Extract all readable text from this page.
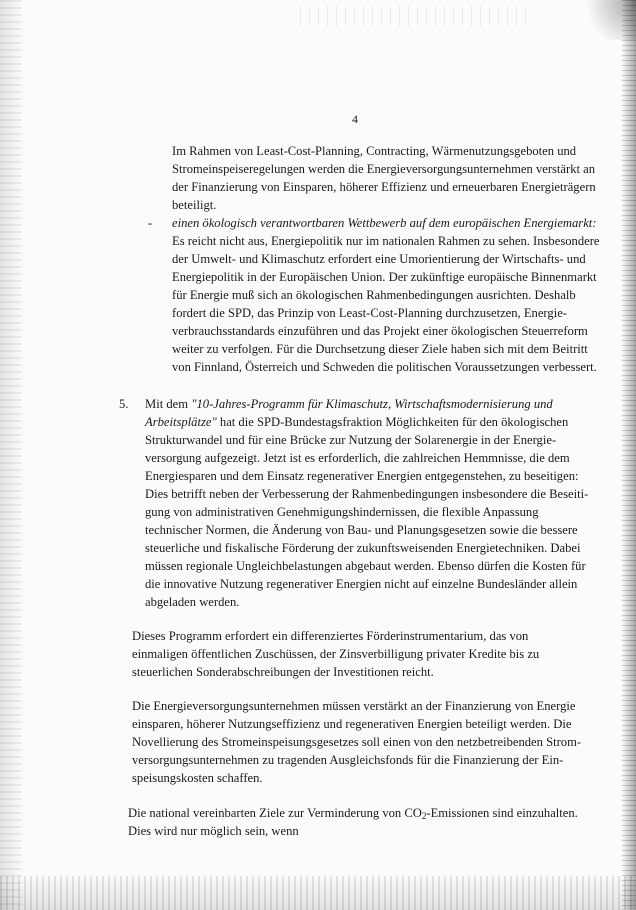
4
Im Rahmen von Least-Cost-Planning, Contracting, Wärmenutzungsgeboten und
Stromeinspeiseregelungen werden die Energieversorgungsunternehmen verstärkt an
der Finanzierung von Einsparen, höherer Effizienz und erneuerbaren Energieträgern
beteiligt.
- einen ökologisch verantwortbaren Wettbewerb auf dem europäischen Energiemarkt:
Es reicht nicht aus, Energiepolitik nur im nationalen Rahmen zu sehen. Insbesondere
der Umwelt- und Klimaschutz erfordert eine Umorientierung der Wirtschafts- und
Energiepolitik in der Europäischen Union. Der zukünftige europäische Binnenmarkt
für Energie muß sich an ökologischen Rahmenbedingungen ausrichten. Deshalb
fordert die SPD, das Prinzip von Least-Cost-Planning durchzusetzen, Energie-
verbrauchsstandards einzuführen und das Projekt einer ökologischen Steuerreform
weiter zu verfolgen. Für die Durchsetzung dieser Ziele haben sich mit dem Beitritt
von Finnland, Österreich und Schweden die politischen Voraussetzungen verbessert.
5. Mit dem "10-Jahres-Programm für Klimaschutz, Wirtschaftsmodernisierung und
Arbeitsplätze" hat die SPD-Bundestagsfraktion Möglichkeiten für den ökologischen
Strukturwandel und für eine Brücke zur Nutzung der Solarenergie in der Energie-
versorgung aufgezeigt. Jetzt ist es erforderlich, die zahlreichen Hemmnisse, die dem
Energiesparen und dem Einsatz regenerativer Energien entgegenstehen, zu beseitigen:
Dies betrifft neben der Verbesserung der Rahmenbedingungen insbesondere die Beseiti-
gung von administrativen Genehmigungshindernissen, die flexible Anpassung
technischer Normen, die Änderung von Bau- und Planungsgesetzen sowie die bessere
steuerliche und fiskalische Förderung der zukunftsweisenden Energietechniken. Dabei
müssen regionale Ungleichbelastungen abgebaut werden. Ebenso dürfen die Kosten für
die innovative Nutzung regenerativer Energien nicht auf einzelne Bundesländer allein
abgeladen werden.
Dieses Programm erfordert ein differenziertes Förderinstrumentarium, das von
einmaligen öffentlichen Zuschüssen, der Zinsverbilligung privater Kredite bis zu
steuerlichen Sonderabschreibungen der Investitionen reicht.
Die Energieversorgungsunternehmen müssen verstärkt an der Finanzierung von Energie
einsparen, höherer Nutzungseffizienz und regenerativen Energien beteiligt werden. Die
Novellierung des Stromeinspeisungsgesetzes soll einen von den netzbetreibenden Strom-
versorgungsunternehmen zu tragenden Ausgleichsfonds für die Finanzierung der Ein-
speisungskosten schaffen.
Die national vereinbarten Ziele zur Verminderung von $CO_2$-Emissionen sind einzuhalten.
Dies wird nur möglich sein, wenn
